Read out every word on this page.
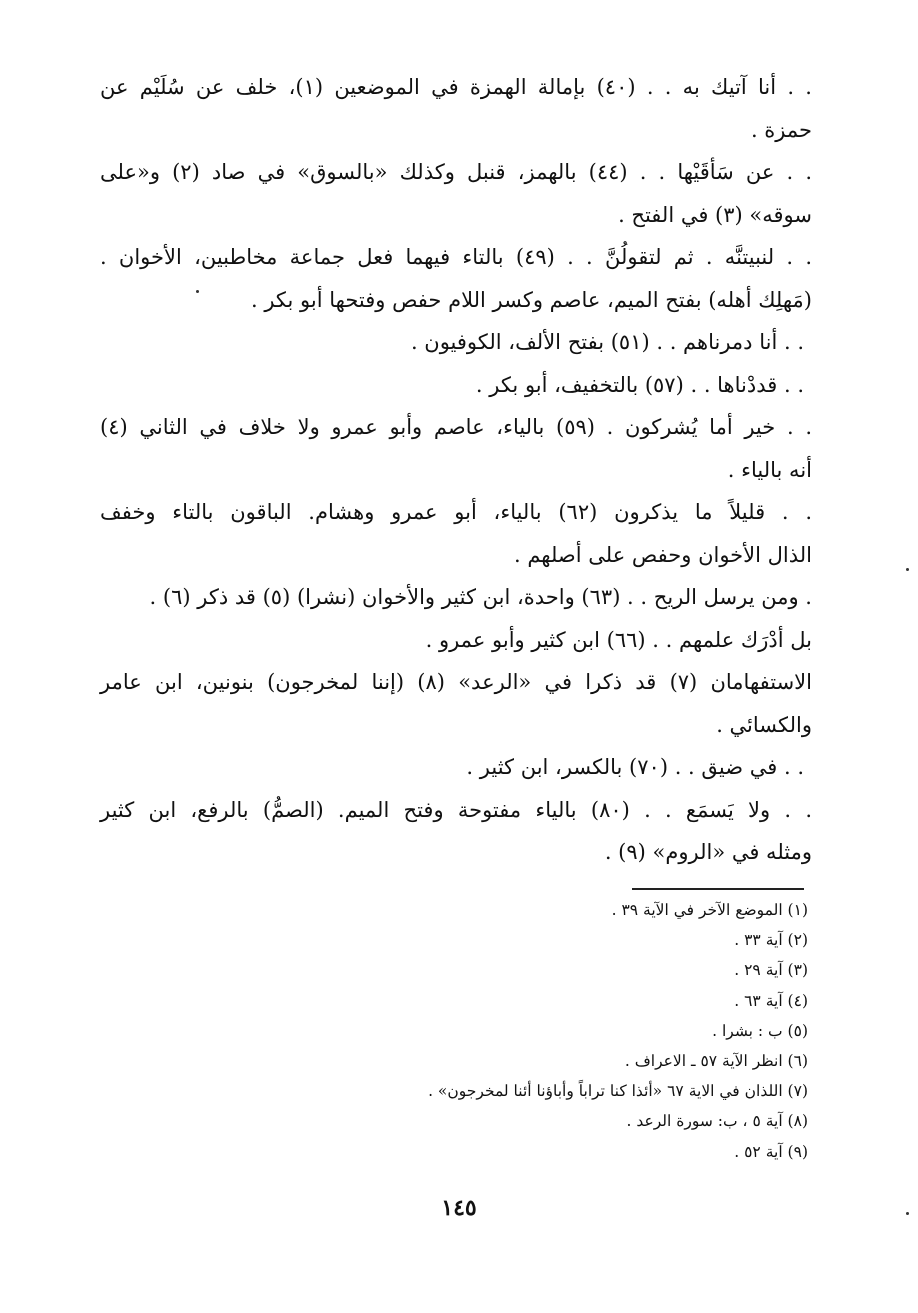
. . أنا آتيك به . . (٤٠) بإمالة الهمزة في الموضعين (١)، خلف عن سُلَيْم عن
حمزة .
. . عن سَأقَيْها . . (٤٤) بالهمز، قنبل وكذلك «بالسوق» في صاد (٢) و«على
سوقه» (٣) في الفتح .
. . لنبيتنَّه . ثم لتقولُنَّ . . (٤٩) بالتاء فيهما فعل جماعة مخاطبين، الأخوان .
(مَهلِك أهله) بفتح الميم، عاصم وكسر اللام حفص وفتحها أبو بكر .
. . أنا دمرناهم . . (٥١) بفتح الألف، الكوفيون .
. . قددْناها . . (٥٧) بالتخفيف، أبو بكر .
. . خير أما يُشركون . (٥٩) بالياء، عاصم وأبو عمرو ولا خلاف في الثاني (٤)
أنه بالياء .
. . قليلاً ما يذكرون (٦٢) بالياء، أبو عمرو وهشام. الباقون بالتاء وخفف
الذال الأخوان وحفص على أصلهم .
. ومن يرسل الريح . . (٦٣) واحدة، ابن كثير والأخوان (نشرا) (٥) قد ذكر (٦) .
بل أدْرَك علمهم . . (٦٦) ابن كثير وأبو عمرو .
الاستفهامان (٧) قد ذكرا في «الرعد» (٨) (إننا لمخرجون) بنونين، ابن عامر
والكسائي .
. . في ضيق . . (٧٠) بالكسر، ابن كثير .
. . ولا يَسمَع . . (٨٠) بالياء مفتوحة وفتح الميم. (الصمُّ) بالرفع، ابن كثير
ومثله في «الروم» (٩) .
(١) الموضع الآخر في الآية ٣٩ .
(٢) آية ٣٣ .
(٣) آية ٢٩ .
(٤) آية ٦٣ .
(٥) ب : بشرا .
(٦) انظر الآية ٥٧ ـ الاعراف .
(٧) اللذان في الاية ٦٧ «أئذا كنا تراباً وأباؤنا أئنا لمخرجون» .
(٨) آية ٥ ، ب: سورة الرعد .
(٩) آية ٥٢ .
١٤٥
